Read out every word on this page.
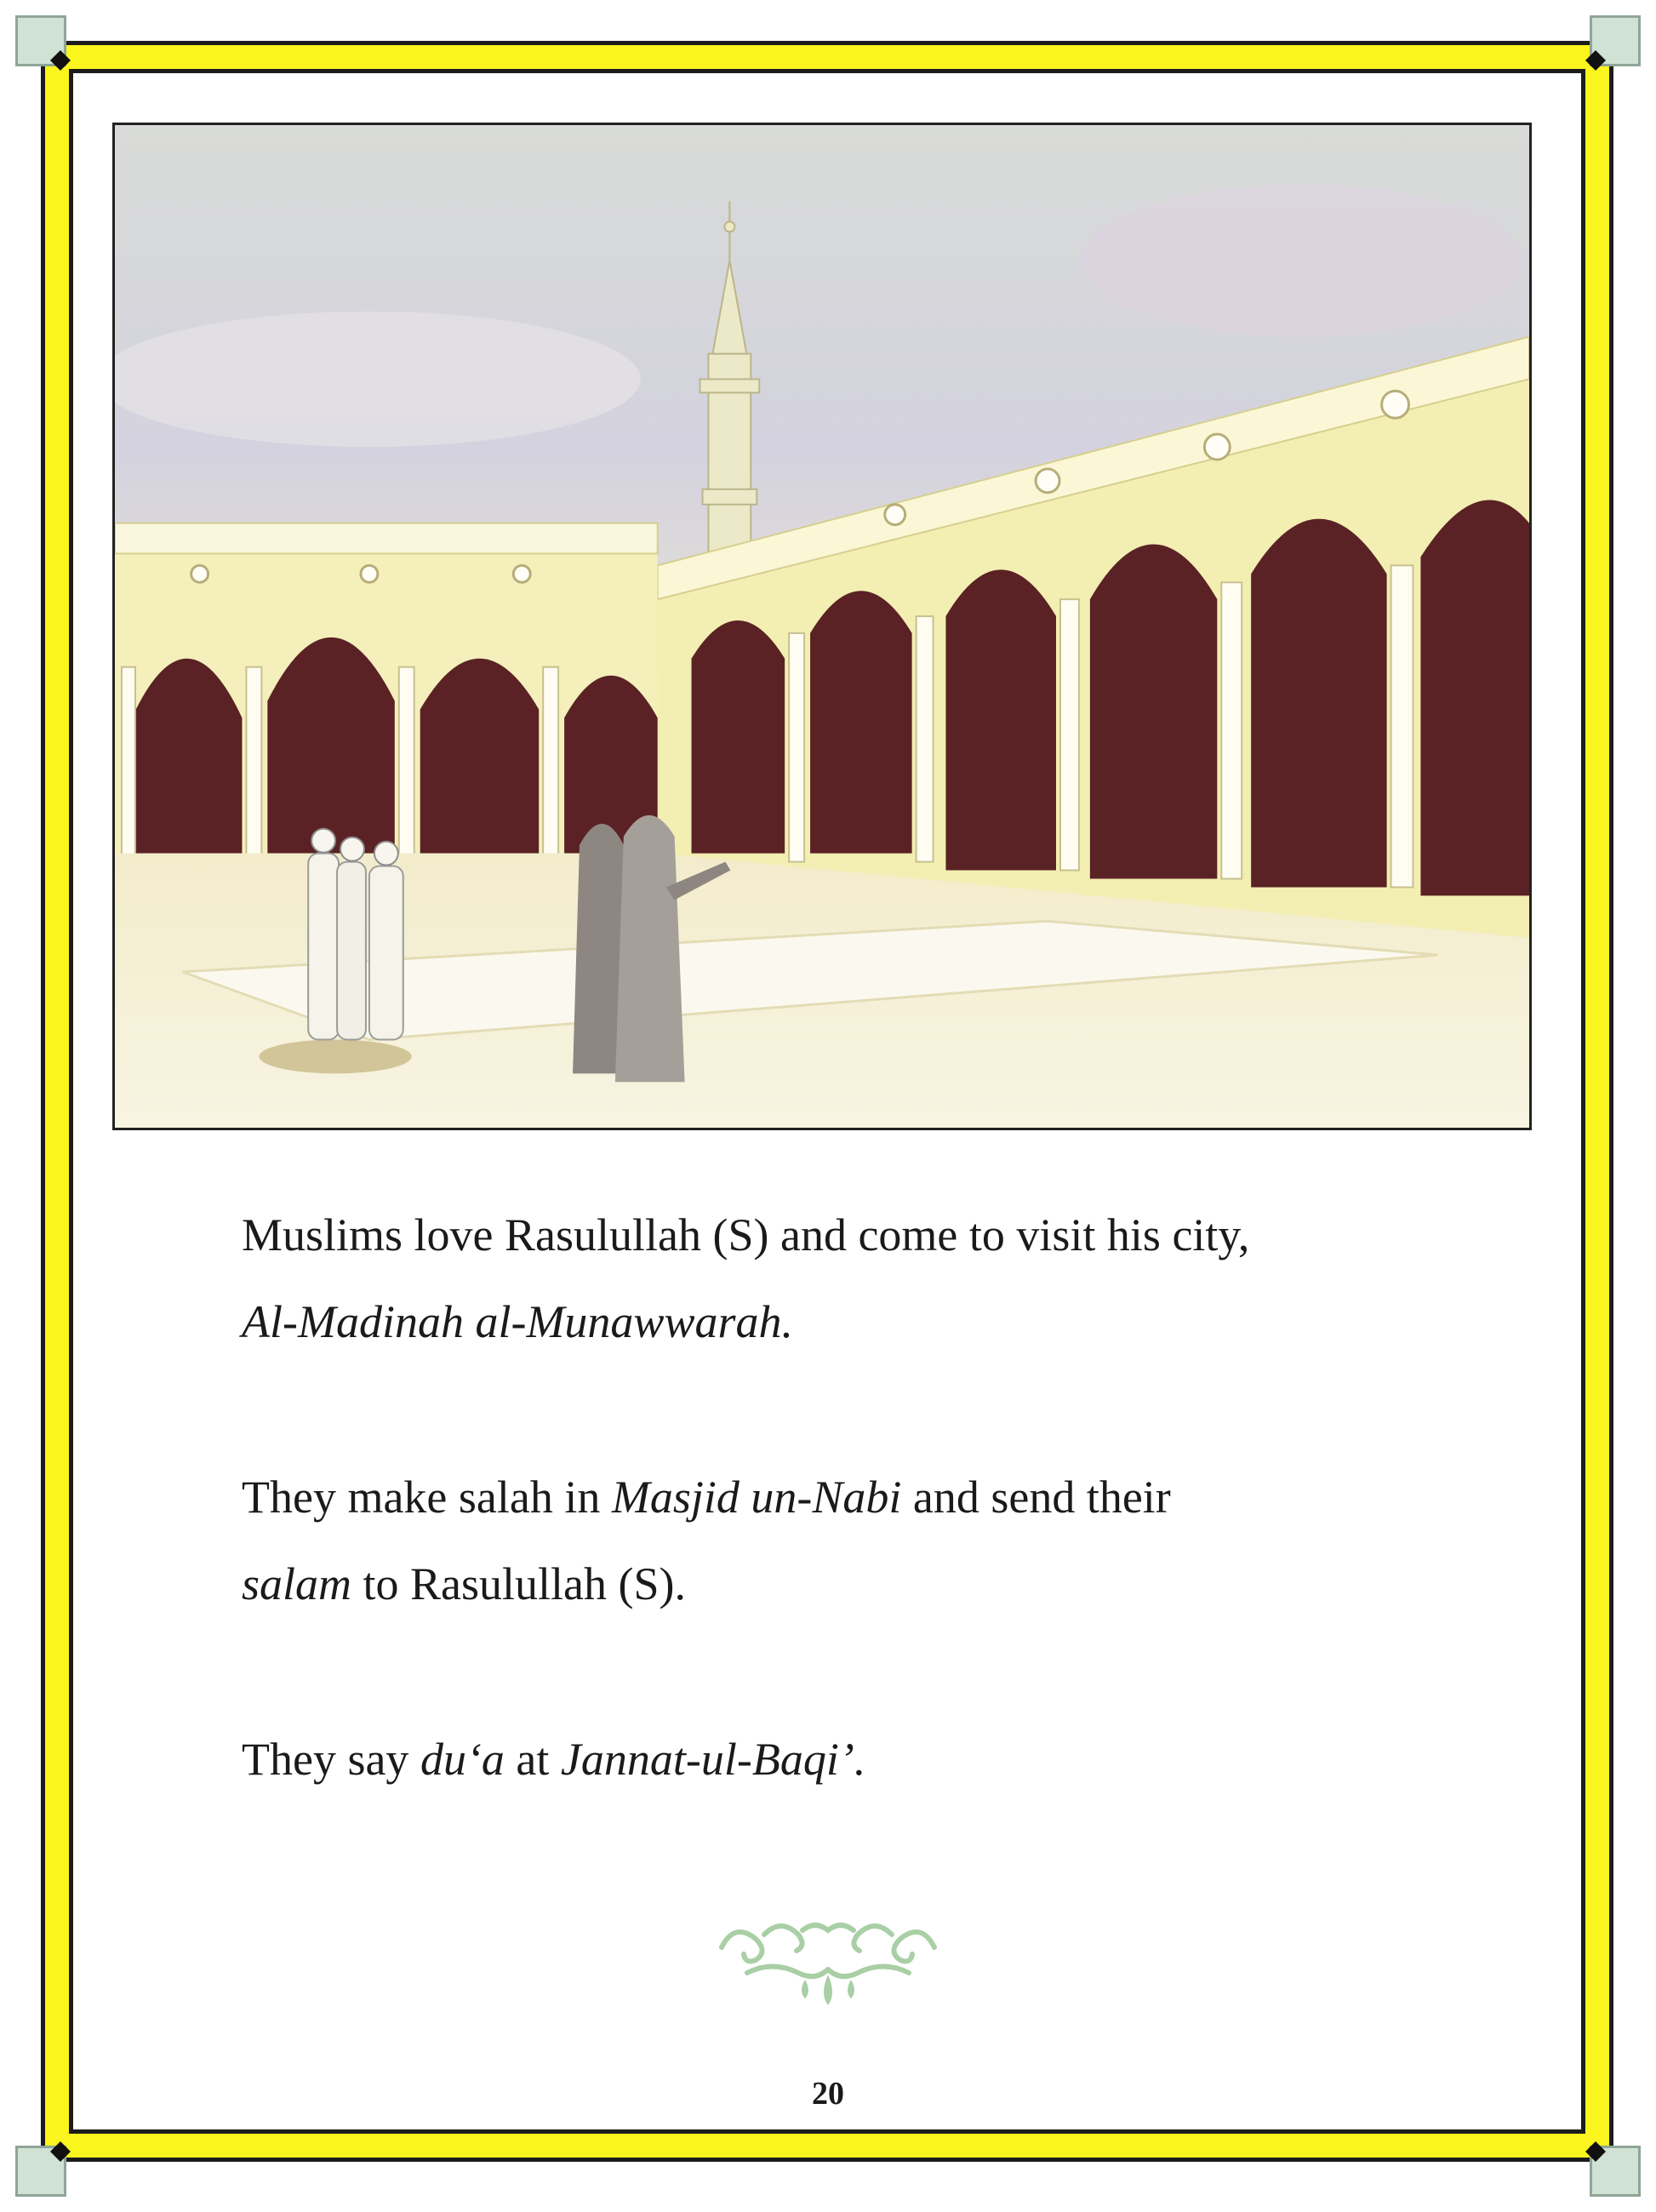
Muslims love Rasulullah (S) and come to visit his city,
Al-Madinah al-Munawwarah.

They make salah in Masjid un-Nabi and send their
salam to Rasulullah (S).

They say du‘a at Jannat-ul-Baqi’.

20
